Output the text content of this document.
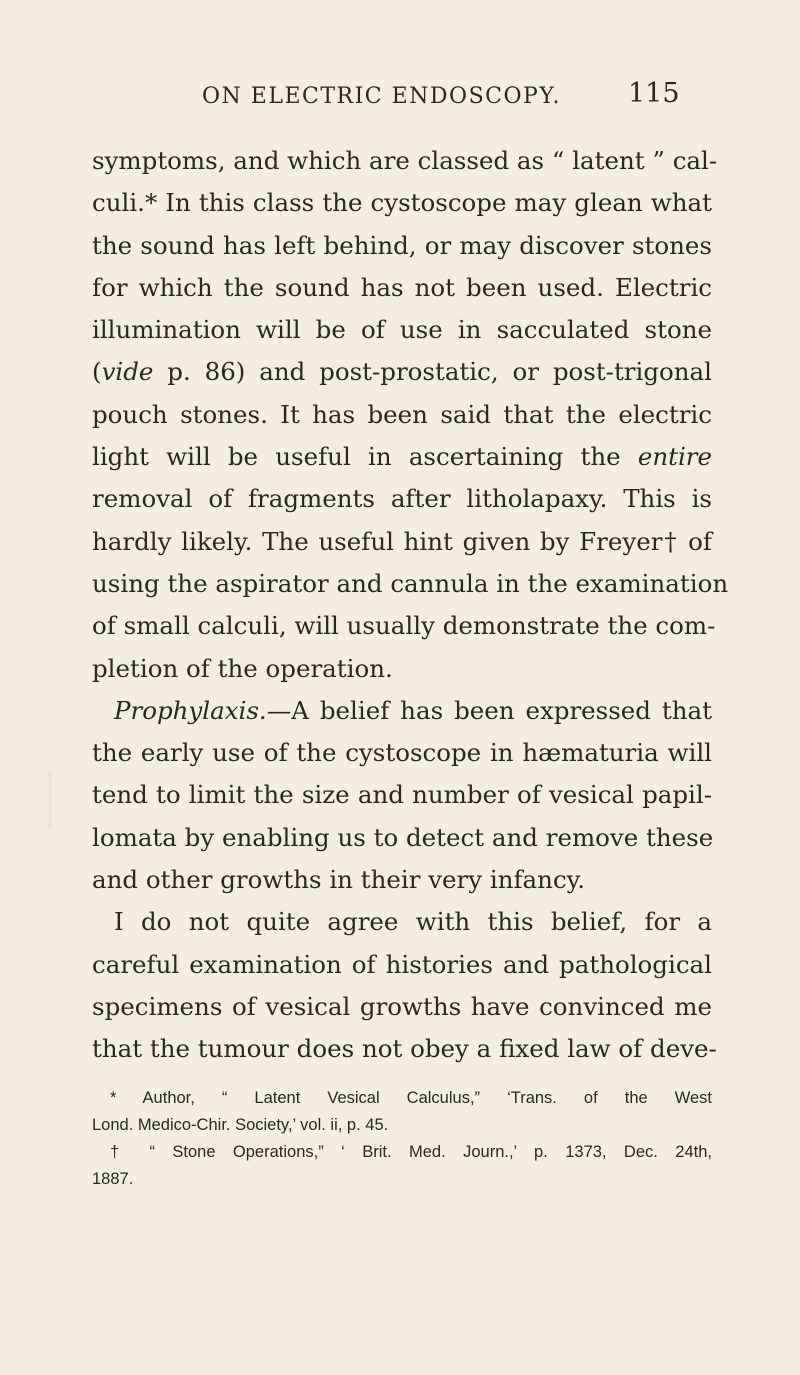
ON ELECTRIC ENDOSCOPY. 115
symptoms, and which are classed as “ latent ” cal-
culi.* In this class the cystoscope may glean what
the sound has left behind, or may discover stones
for which the sound has not been used. Electric
illumination will be of use in sacculated stone
(vide p. 86) and post-prostatic, or post-trigonal
pouch stones. It has been said that the electric
light will be useful in ascertaining the entire
removal of fragments after litholapaxy. This is
hardly likely. The useful hint given by Freyer† of
using the aspirator and cannula in the examination
of small calculi, will usually demonstrate the com-
pletion of the operation.
Prophylaxis.—A belief has been expressed that
the early use of the cystoscope in hæmaturia will
tend to limit the size and number of vesical papil-
lomata by enabling us to detect and remove these
and other growths in their very infancy.
I do not quite agree with this belief, for a
careful examination of histories and pathological
specimens of vesical growths have convinced me
that the tumour does not obey a fixed law of deve-
* Author, “ Latent Vesical Calculus,” ‘Trans. of the West
Lond. Medico-Chir. Society,’ vol. ii, p. 45.
† “ Stone Operations,” ‘ Brit. Med. Journ.,’ p. 1373, Dec. 24th,
1887.
